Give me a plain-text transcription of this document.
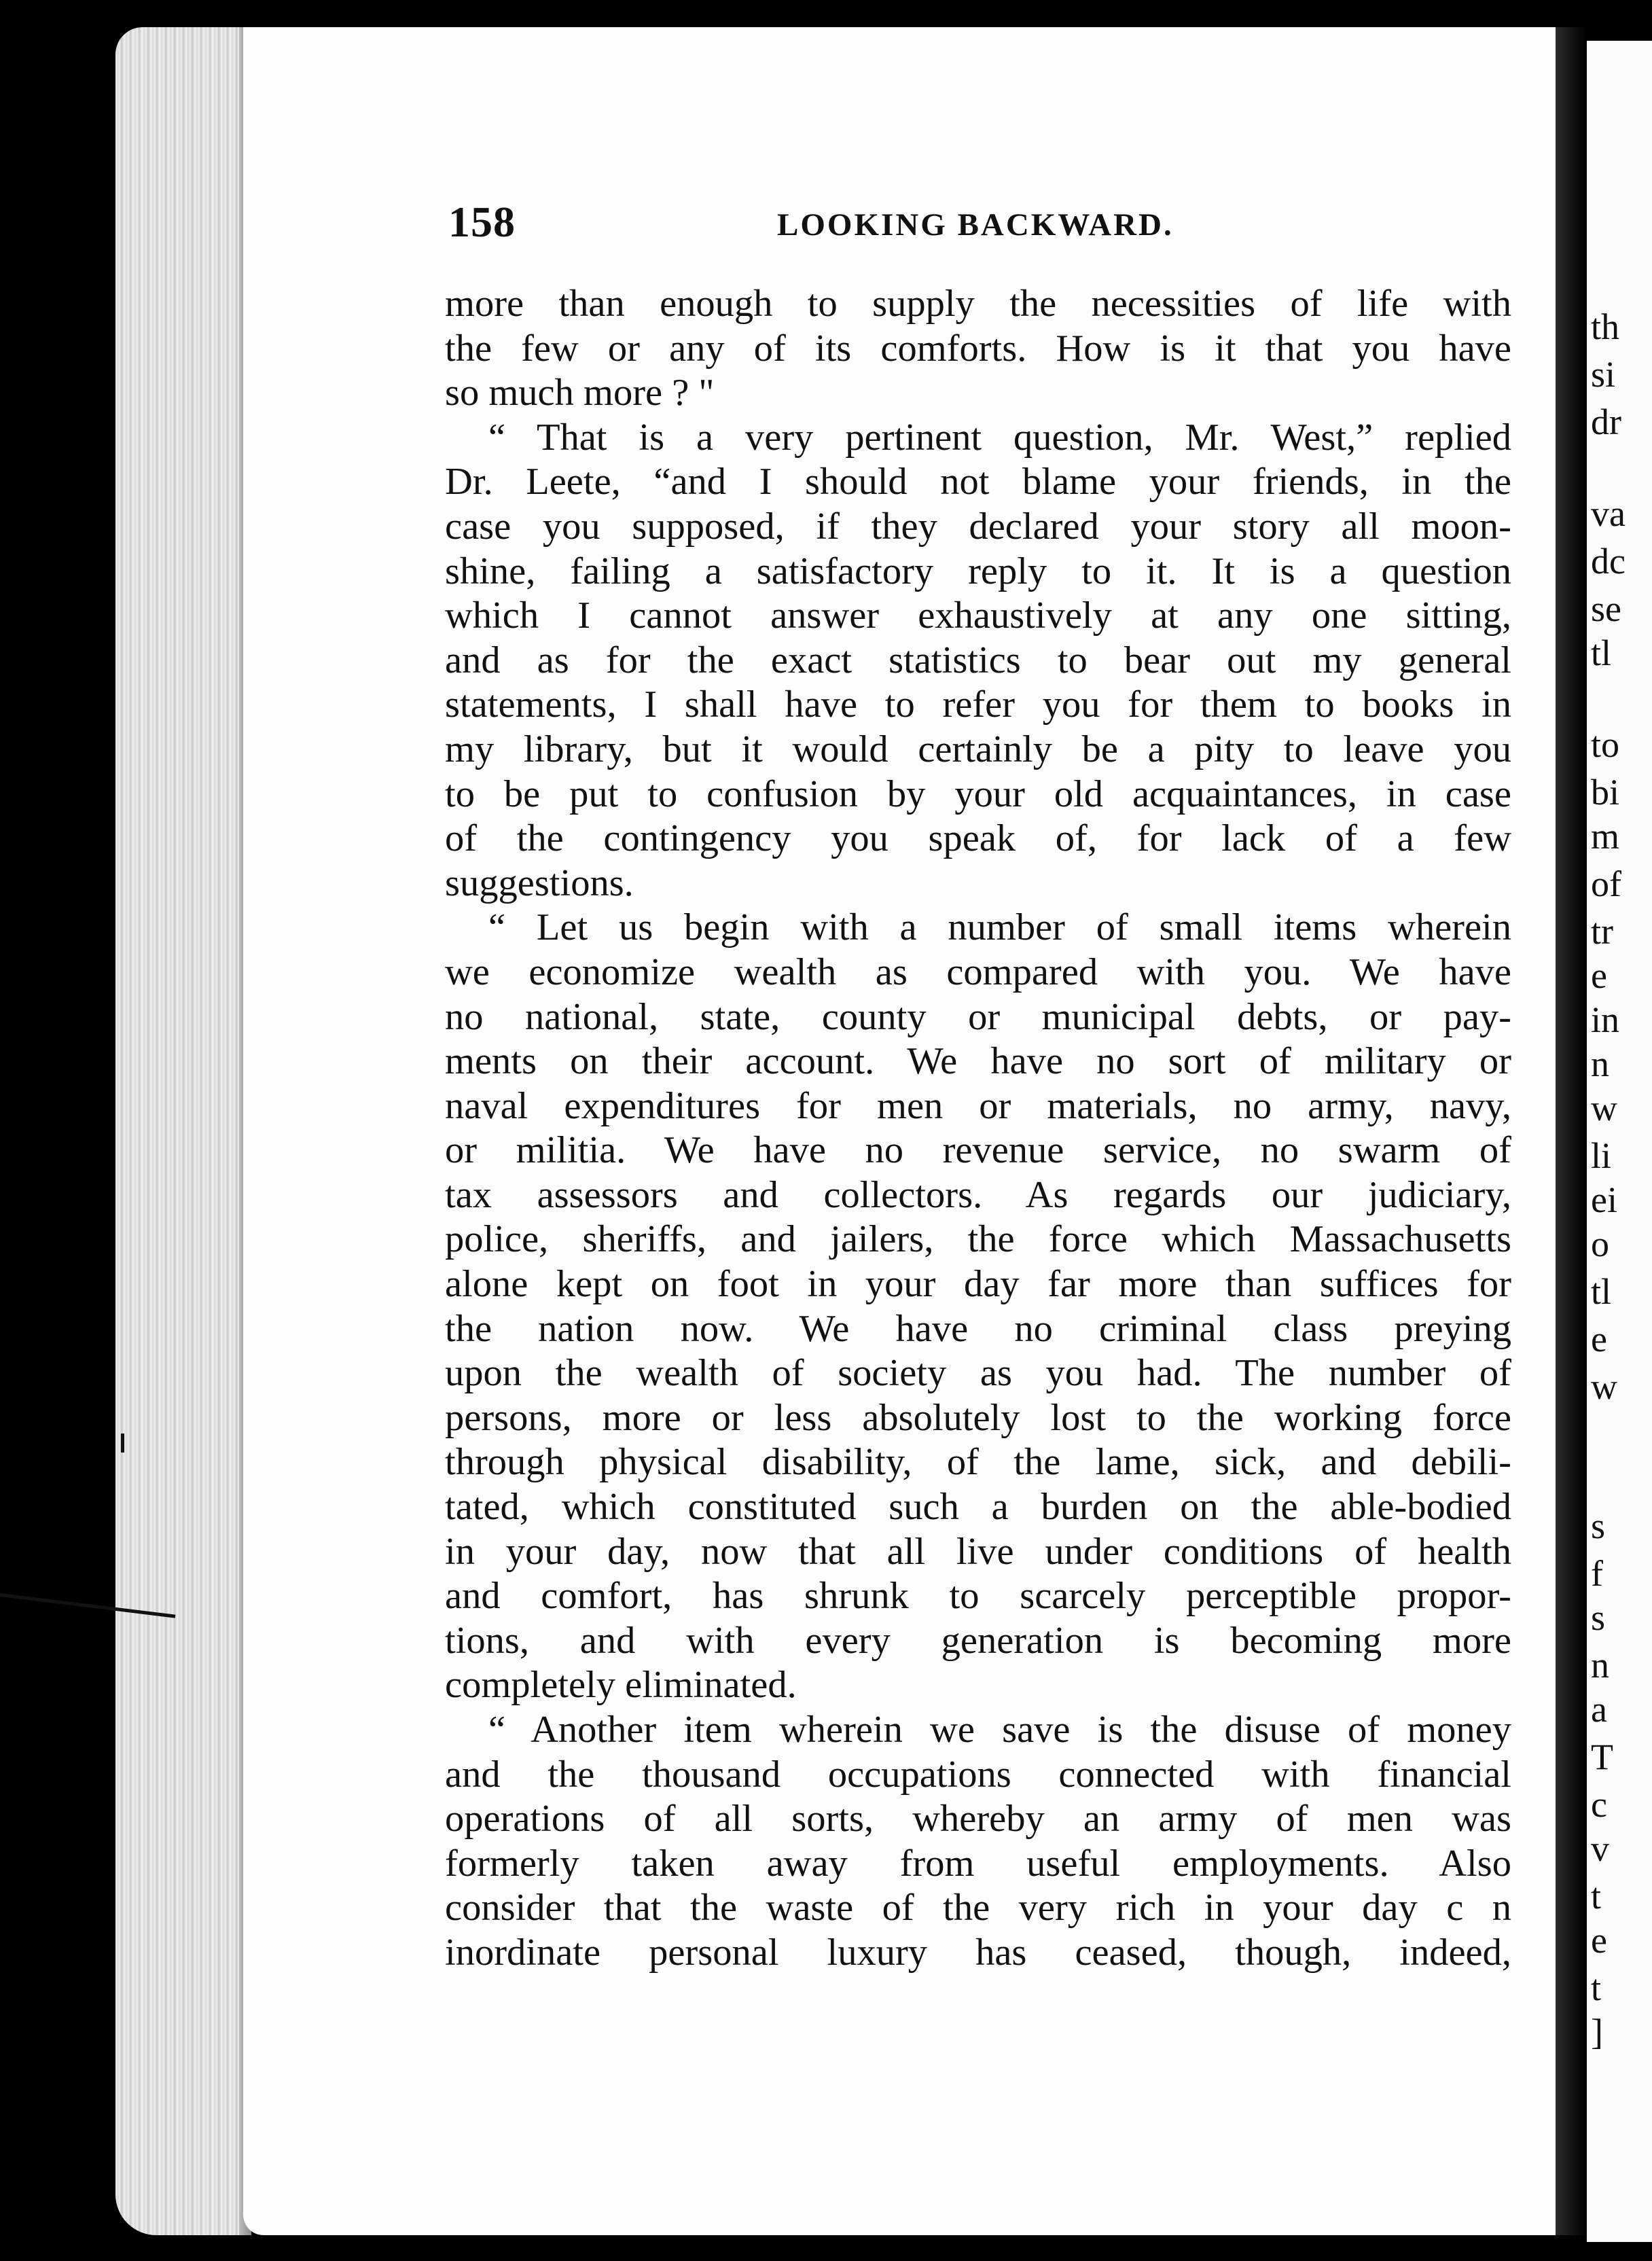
th
si
dr
va
dc
se
tl
to
bi
m
of
tr
e
in
n
w
li
ei
o
tl
e
w
s
f
s
n
a
T
c
v
t
e
t
]
158	LOOKING BACKWARD.
more than enough to supply the necessities of life with
the few or any of its comforts. How is it that you have
so much more ? "
“ That is a very pertinent question, Mr. West,” replied
Dr. Leete, “and I should not blame your friends, in the
case you supposed, if they declared your story all moon-
shine, failing a satisfactory reply to it. It is a question
which I cannot answer exhaustively at any one sitting,
and as for the exact statistics to bear out my general
statements, I shall have to refer you for them to books in
my library, but it would certainly be a pity to leave you
to be put to confusion by your old acquaintances, in case
of the contingency you speak of, for lack of a few
suggestions.
“ Let us begin with a number of small items wherein
we economize wealth as compared with you. We have
no national, state, county or municipal debts, or pay-
ments on their account. We have no sort of military or
naval expenditures for men or materials, no army, navy,
or militia. We have no revenue service, no swarm of
tax assessors and collectors. As regards our judiciary,
police, sheriffs, and jailers, the force which Massachusetts
alone kept on foot in your day far more than suffices for
the nation now. We have no criminal class preying
upon the wealth of society as you had. The number of
persons, more or less absolutely lost to the working force
through physical disability, of the lame, sick, and debili-
tated, which constituted such a burden on the able-bodied
in your day, now that all live under conditions of health
and comfort, has shrunk to scarcely perceptible propor-
tions, and with every generation is becoming more
completely eliminated.
“ Another item wherein we save is the disuse of money
and the thousand occupations connected with financial
operations of all sorts, whereby an army of men was
formerly taken away from useful employments. Also
consider that the waste of the very rich in your day c n
inordinate personal luxury has ceased, though, indeed,
